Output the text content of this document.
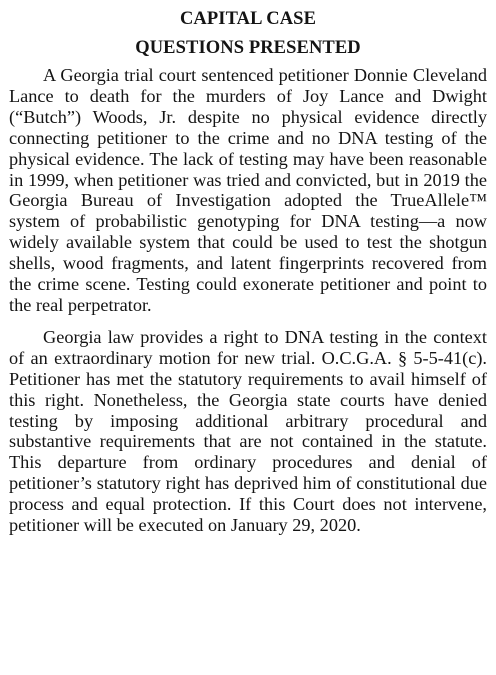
CAPITAL CASE
QUESTIONS PRESENTED

A Georgia trial court sentenced petitioner Donnie Cleveland Lance to death for the murders of Joy Lance and Dwight (“Butch”) Woods, Jr. despite no physical evidence directly connecting petitioner to the crime and no DNA testing of the physical evidence. The lack of testing may have been reasonable in 1999, when petitioner was tried and convicted, but in 2019 the Georgia Bureau of Investigation adopted the TrueAllele™ system of probabilistic genotyping for DNA testing—a now widely available system that could be used to test the shotgun shells, wood fragments, and latent fingerprints recovered from the crime scene. Testing could exonerate petitioner and point to the real perpetrator.

Georgia law provides a right to DNA testing in the context of an extraordinary motion for new trial. O.C.G.A. § 5-5-41(c). Petitioner has met the statutory requirements to avail himself of this right. Nonetheless, the Georgia state courts have denied testing by imposing additional arbitrary procedural and substantive requirements that are not contained in the statute. This departure from ordinary procedures and denial of petitioner’s statutory right has deprived him of constitutional due process and equal protection. If this Court does not intervene, petitioner will be executed on January 29, 2020.
